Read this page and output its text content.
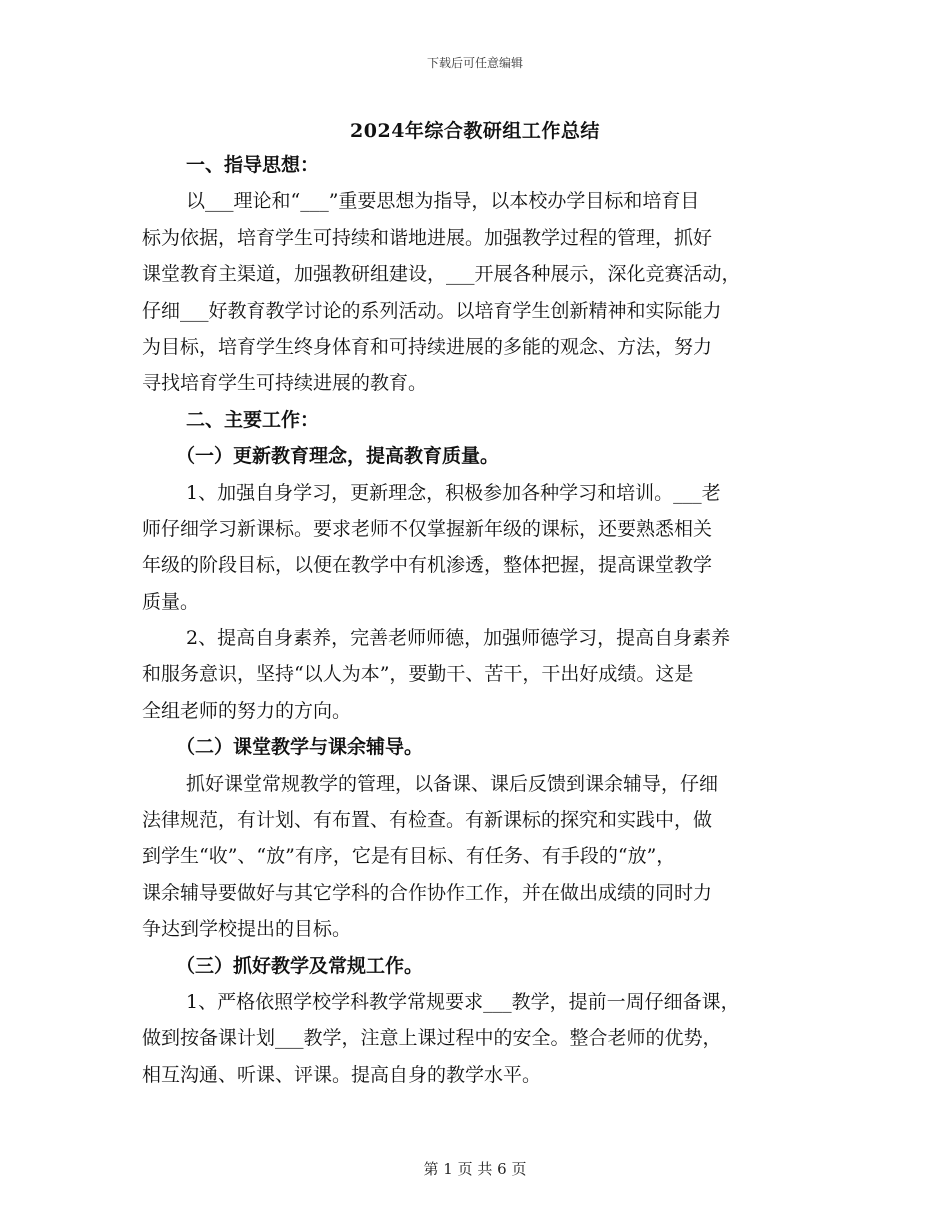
下载后可任意编辑
2024年综合教研组工作总结
一、指导思想：
以___理论和“___”重要思想为指导，以本校办学目标和培育目
标为依据，培育学生可持续和谐地进展。加强教学过程的管理，抓好
课堂教育主渠道，加强教研组建设，___开展各种展示，深化竞赛活动，
仔细___好教育教学讨论的系列活动。以培育学生创新精神和实际能力
为目标，培育学生终身体育和可持续进展的多能的观念、方法，努力
寻找培育学生可持续进展的教育。
二、主要工作：
（一）更新教育理念，提高教育质量。
1、加强自身学习，更新理念，积极参加各种学习和培训。___老
师仔细学习新课标。要求老师不仅掌握新年级的课标，还要熟悉相关
年级的阶段目标，以便在教学中有机渗透，整体把握，提高课堂教学
质量。
2、提高自身素养，完善老师师德，加强师德学习，提高自身素养
和服务意识，坚持“以人为本”，要勤干、苦干，干出好成绩。这是
全组老师的努力的方向。
（二）课堂教学与课余辅导。
抓好课堂常规教学的管理，以备课、课后反馈到课余辅导，仔细
法律规范，有计划、有布置、有检查。有新课标的探究和实践中，做
到学生“收”、“放”有序，它是有目标、有任务、有手段的“放”，
课余辅导要做好与其它学科的合作协作工作，并在做出成绩的同时力
争达到学校提出的目标。
（三）抓好教学及常规工作。
1、严格依照学校学科教学常规要求___教学，提前一周仔细备课，
做到按备课计划___教学，注意上课过程中的安全。整合老师的优势，
相互沟通、听课、评课。提高自身的教学水平。
第 1 页 共 6 页
